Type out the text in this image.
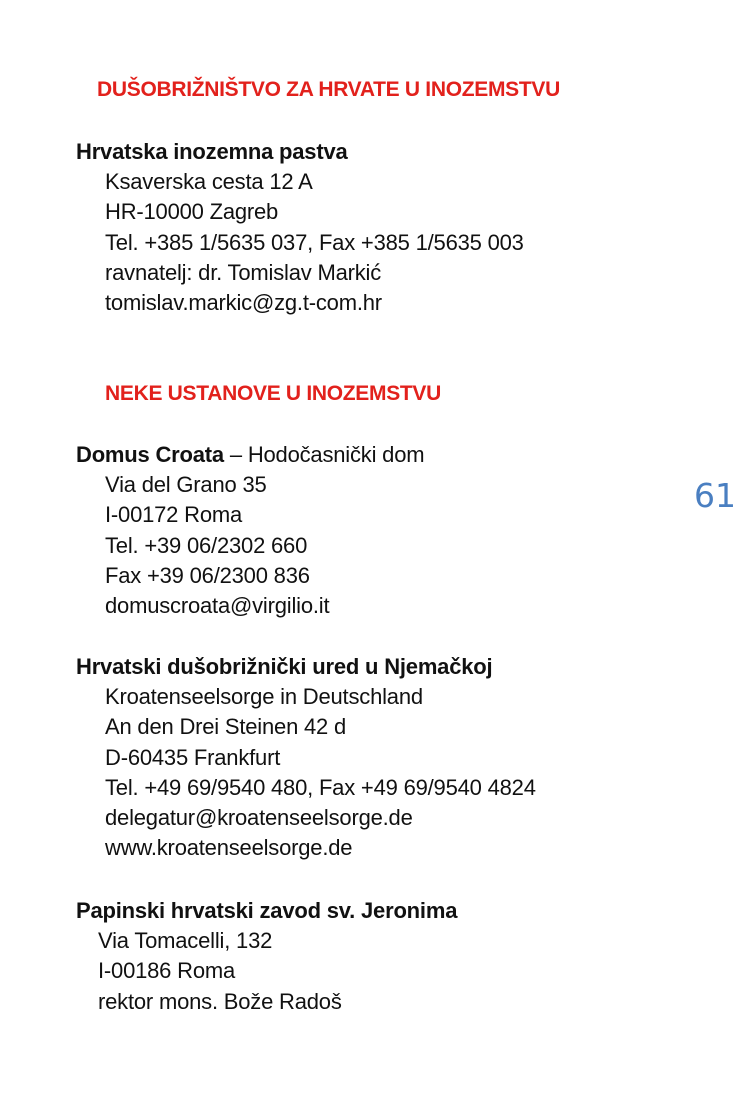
DUŠOBRIŽNIŠTVO ZA HRVATE U INOZEMSTVU
Hrvatska inozemna pastva
Ksaverska cesta 12 A
HR-10000 Zagreb
Tel. +385 1/5635 037, Fax +385 1/5635 003
ravnatelj: dr. Tomislav Markić
tomislav.markic@zg.t-com.hr
NEKE USTANOVE U INOZEMSTVU
Domus Croata – Hodočasnički dom
Via del Grano 35
I-00172 Roma
Tel. +39 06/2302 660
Fax +39 06/2300 836
domuscroata@virgilio.it
61
Hrvatski dušobrižnički ured u Njemačkoj
Kroatenseelsorge in Deutschland
An den Drei Steinen 42 d
D-60435 Frankfurt
Tel. +49 69/9540 480, Fax +49 69/9540 4824
delegatur@kroatenseelsorge.de
www.kroatenseelsorge.de
Papinski hrvatski zavod sv. Jeronima
Via Tomacelli, 132
I-00186 Roma
rektor mons. Bože Radoš
